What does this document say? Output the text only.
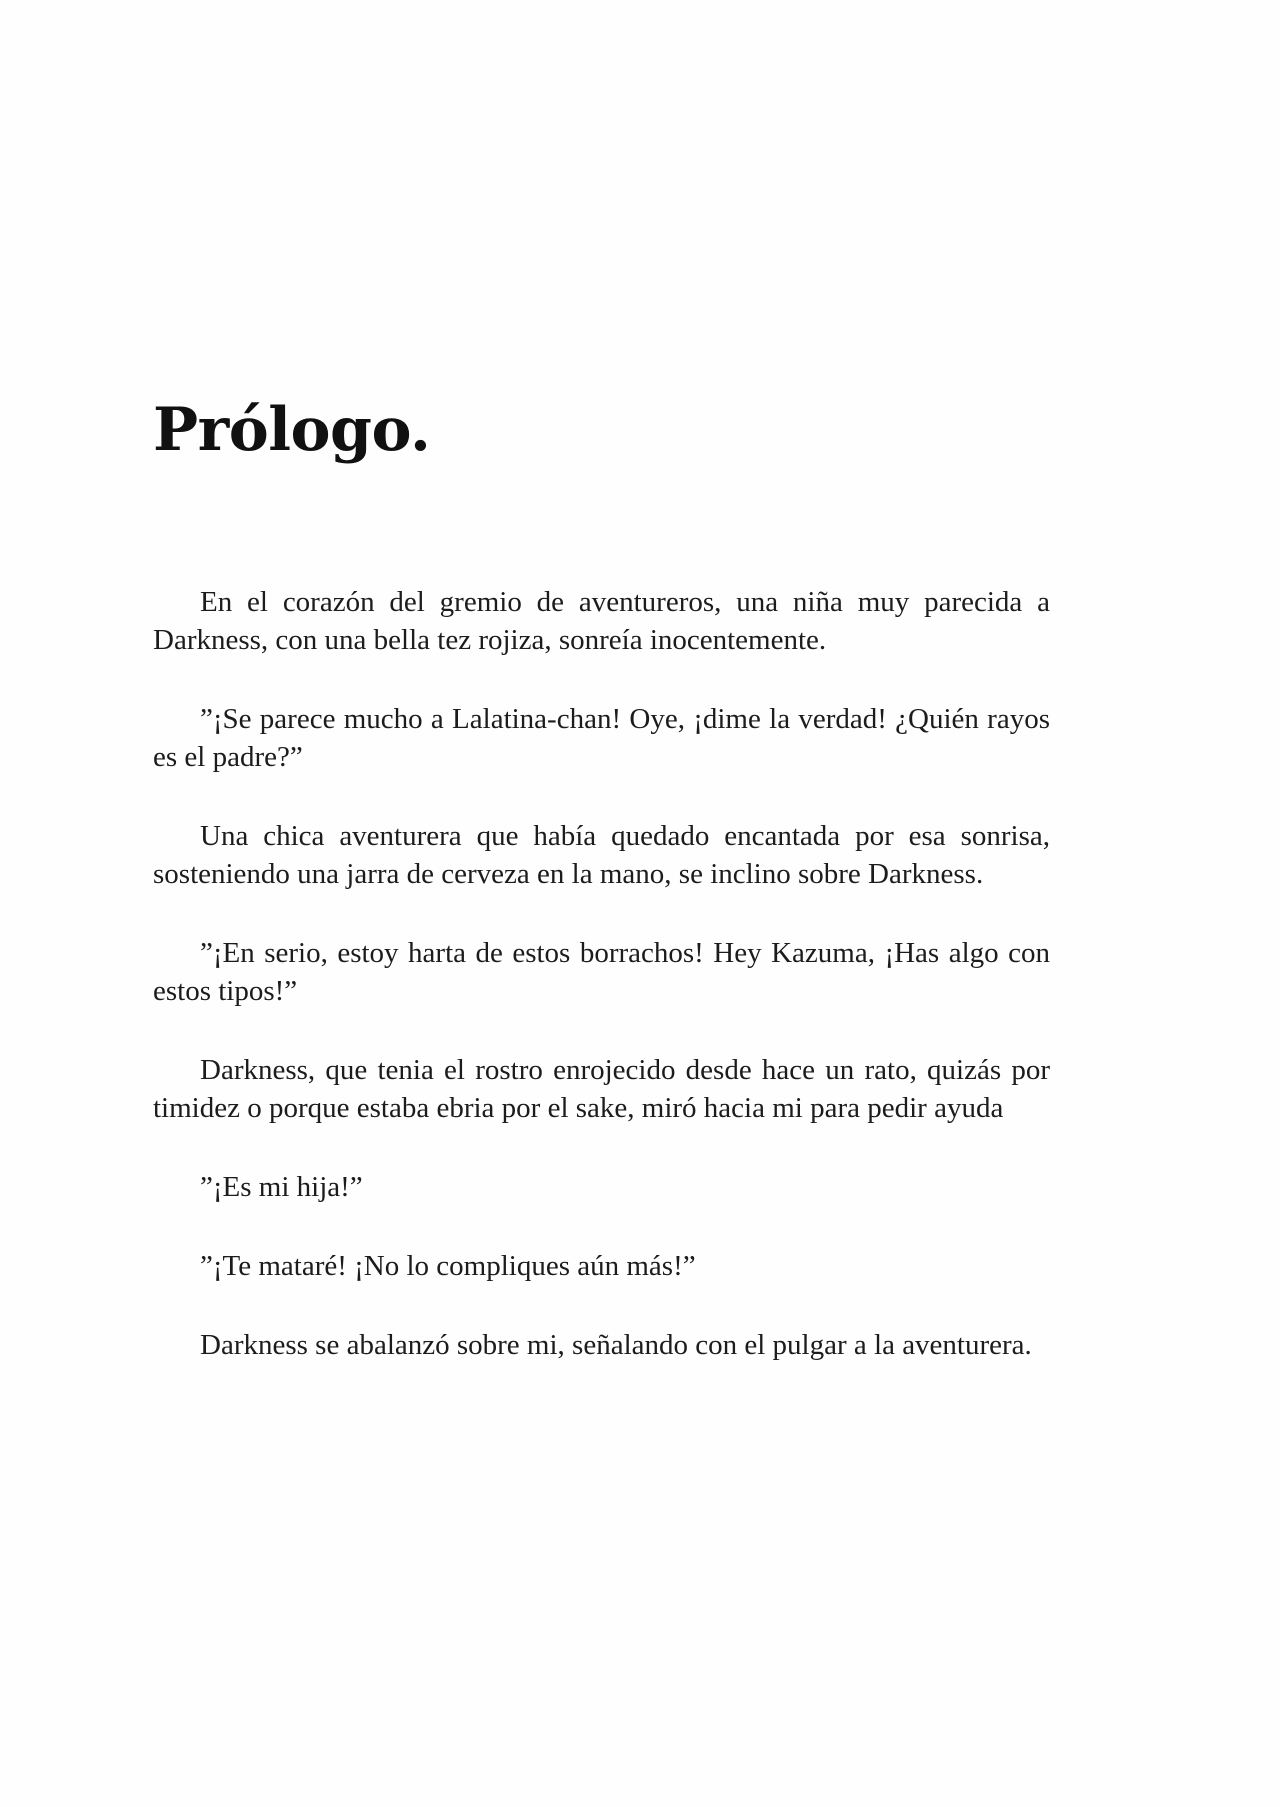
Prólogo.

En el corazón del gremio de aventureros, una niña muy parecida a Darkness, con una bella tez rojiza, sonreía inocentemente.

”¡Se parece mucho a Lalatina-chan! Oye, ¡dime la verdad! ¿Quién rayos es el padre?”

Una chica aventurera que había quedado encantada por esa sonrisa, sosteniendo una jarra de cerveza en la mano, se inclino sobre Darkness.

”¡En serio, estoy harta de estos borrachos! Hey Kazuma, ¡Has algo con estos tipos!”

Darkness, que tenia el rostro enrojecido desde hace un rato, quizás por timidez o porque estaba ebria por el sake, miró hacia mi para pedir ayuda

”¡Es mi hija!”

”¡Te mataré! ¡No lo compliques aún más!”

Darkness se abalanzó sobre mi, señalando con el pulgar a la aventurera.
